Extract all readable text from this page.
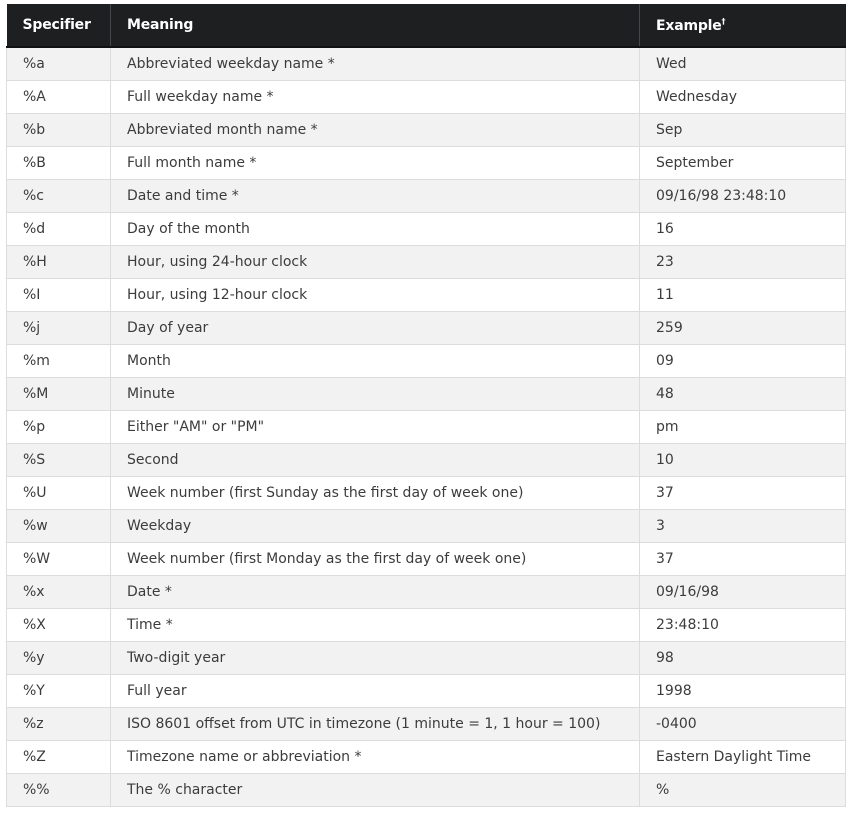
Specifier	Meaning	Example†
%a	Abbreviated weekday name *	Wed
%A	Full weekday name *	Wednesday
%b	Abbreviated month name *	Sep
%B	Full month name *	September
%c	Date and time *	09/16/98 23:48:10
%d	Day of the month	16
%H	Hour, using 24-hour clock	23
%I	Hour, using 12-hour clock	11
%j	Day of year	259
%m	Month	09
%M	Minute	48
%p	Either "AM" or "PM"	pm
%S	Second	10
%U	Week number (first Sunday as the first day of week one)	37
%w	Weekday	3
%W	Week number (first Monday as the first day of week one)	37
%x	Date *	09/16/98
%X	Time *	23:48:10
%y	Two-digit year	98
%Y	Full year	1998
%z	ISO 8601 offset from UTC in timezone (1 minute = 1, 1 hour = 100)	-0400
%Z	Timezone name or abbreviation *	Eastern Daylight Time
%%	The % character	%
